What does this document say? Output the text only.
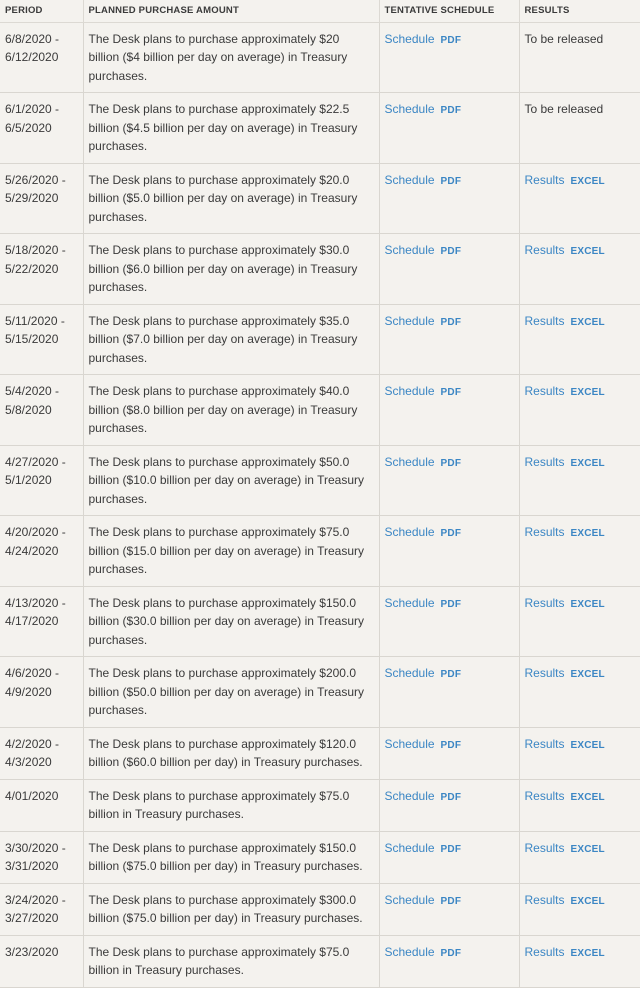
PERIOD	PLANNED PURCHASE AMOUNT	TENTATIVE SCHEDULE	RESULTS
6/8/2020 - 6/12/2020	The Desk plans to purchase approximately $20 billion ($4 billion per day on average) in Treasury purchases.	Schedule PDF	To be released
6/1/2020 - 6/5/2020	The Desk plans to purchase approximately $22.5 billion ($4.5 billion per day on average) in Treasury purchases.	Schedule PDF	To be released
5/26/2020 - 5/29/2020	The Desk plans to purchase approximately $20.0 billion ($5.0 billion per day on average) in Treasury purchases.	Schedule PDF	Results EXCEL
5/18/2020 - 5/22/2020	The Desk plans to purchase approximately $30.0 billion ($6.0 billion per day on average) in Treasury purchases.	Schedule PDF	Results EXCEL
5/11/2020 - 5/15/2020	The Desk plans to purchase approximately $35.0 billion ($7.0 billion per day on average) in Treasury purchases.	Schedule PDF	Results EXCEL
5/4/2020 - 5/8/2020	The Desk plans to purchase approximately $40.0 billion ($8.0 billion per day on average) in Treasury purchases.	Schedule PDF	Results EXCEL
4/27/2020 - 5/1/2020	The Desk plans to purchase approximately $50.0 billion ($10.0 billion per day on average) in Treasury purchases.	Schedule PDF	Results EXCEL
4/20/2020 - 4/24/2020	The Desk plans to purchase approximately $75.0 billion ($15.0 billion per day on average) in Treasury purchases.	Schedule PDF	Results EXCEL
4/13/2020 - 4/17/2020	The Desk plans to purchase approximately $150.0 billion ($30.0 billion per day on average) in Treasury purchases.	Schedule PDF	Results EXCEL
4/6/2020 - 4/9/2020	The Desk plans to purchase approximately $200.0 billion ($50.0 billion per day on average) in Treasury purchases.	Schedule PDF	Results EXCEL
4/2/2020 - 4/3/2020	The Desk plans to purchase approximately $120.0 billion ($60.0 billion per day) in Treasury purchases.	Schedule PDF	Results EXCEL
4/01/2020	The Desk plans to purchase approximately $75.0 billion in Treasury purchases.	Schedule PDF	Results EXCEL
3/30/2020 - 3/31/2020	The Desk plans to purchase approximately $150.0 billion ($75.0 billion per day) in Treasury purchases.	Schedule PDF	Results EXCEL
3/24/2020 - 3/27/2020	The Desk plans to purchase approximately $300.0 billion ($75.0 billion per day) in Treasury purchases.	Schedule PDF	Results EXCEL
3/23/2020	The Desk plans to purchase approximately $75.0 billion in Treasury purchases.	Schedule PDF	Results EXCEL
